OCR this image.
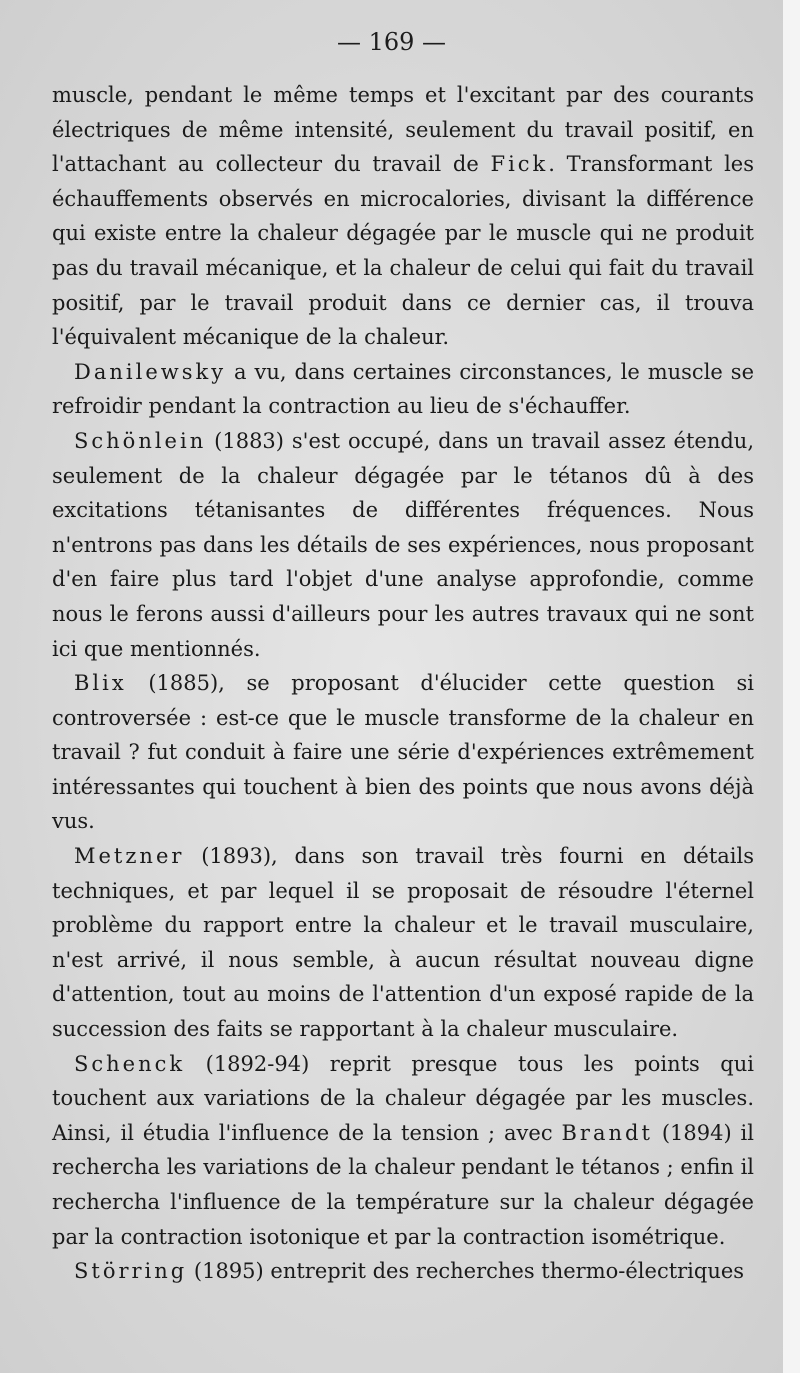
— 169 —

muscle, pendant le même temps et l'excitant par des courants électriques de même intensité, seulement du travail positif, en l'attachant au collecteur du travail de Fick. Transformant les échauffements observés en microcalories, divisant la différence qui existe entre la chaleur dégagée par le muscle qui ne produit pas du travail mécanique, et la chaleur de celui qui fait du travail positif, par le travail produit dans ce dernier cas, il trouva l'équivalent mécanique de la chaleur.

Danilewsky a vu, dans certaines circonstances, le muscle se refroidir pendant la contraction au lieu de s'échauffer.

Schönlein (1883) s'est occupé, dans un travail assez étendu, seulement de la chaleur dégagée par le tétanos dû à des excitations tétanisantes de différentes fréquences. Nous n'entrons pas dans les détails de ses expériences, nous proposant d'en faire plus tard l'objet d'une analyse approfondie, comme nous le ferons aussi d'ailleurs pour les autres travaux qui ne sont ici que mentionnés.

Blix (1885), se proposant d'élucider cette question si controversée : est-ce que le muscle transforme de la chaleur en travail ? fut conduit à faire une série d'expériences extrêmement intéressantes qui touchent à bien des points que nous avons déjà vus.

Metzner (1893), dans son travail très fourni en détails techniques, et par lequel il se proposait de résoudre l'éternel problème du rapport entre la chaleur et le travail musculaire, n'est arrivé, il nous semble, à aucun résultat nouveau digne d'attention, tout au moins de l'attention d'un exposé rapide de la succession des faits se rapportant à la chaleur musculaire.

Schenck (1892-94) reprit presque tous les points qui touchent aux variations de la chaleur dégagée par les muscles. Ainsi, il étudia l'influence de la tension ; avec Brandt (1894) il rechercha les variations de la chaleur pendant le tétanos ; enfin il rechercha l'influence de la température sur la chaleur dégagée par la contraction isotonique et par la contraction isométrique.

Störring (1895) entreprit des recherches thermo-électriques
